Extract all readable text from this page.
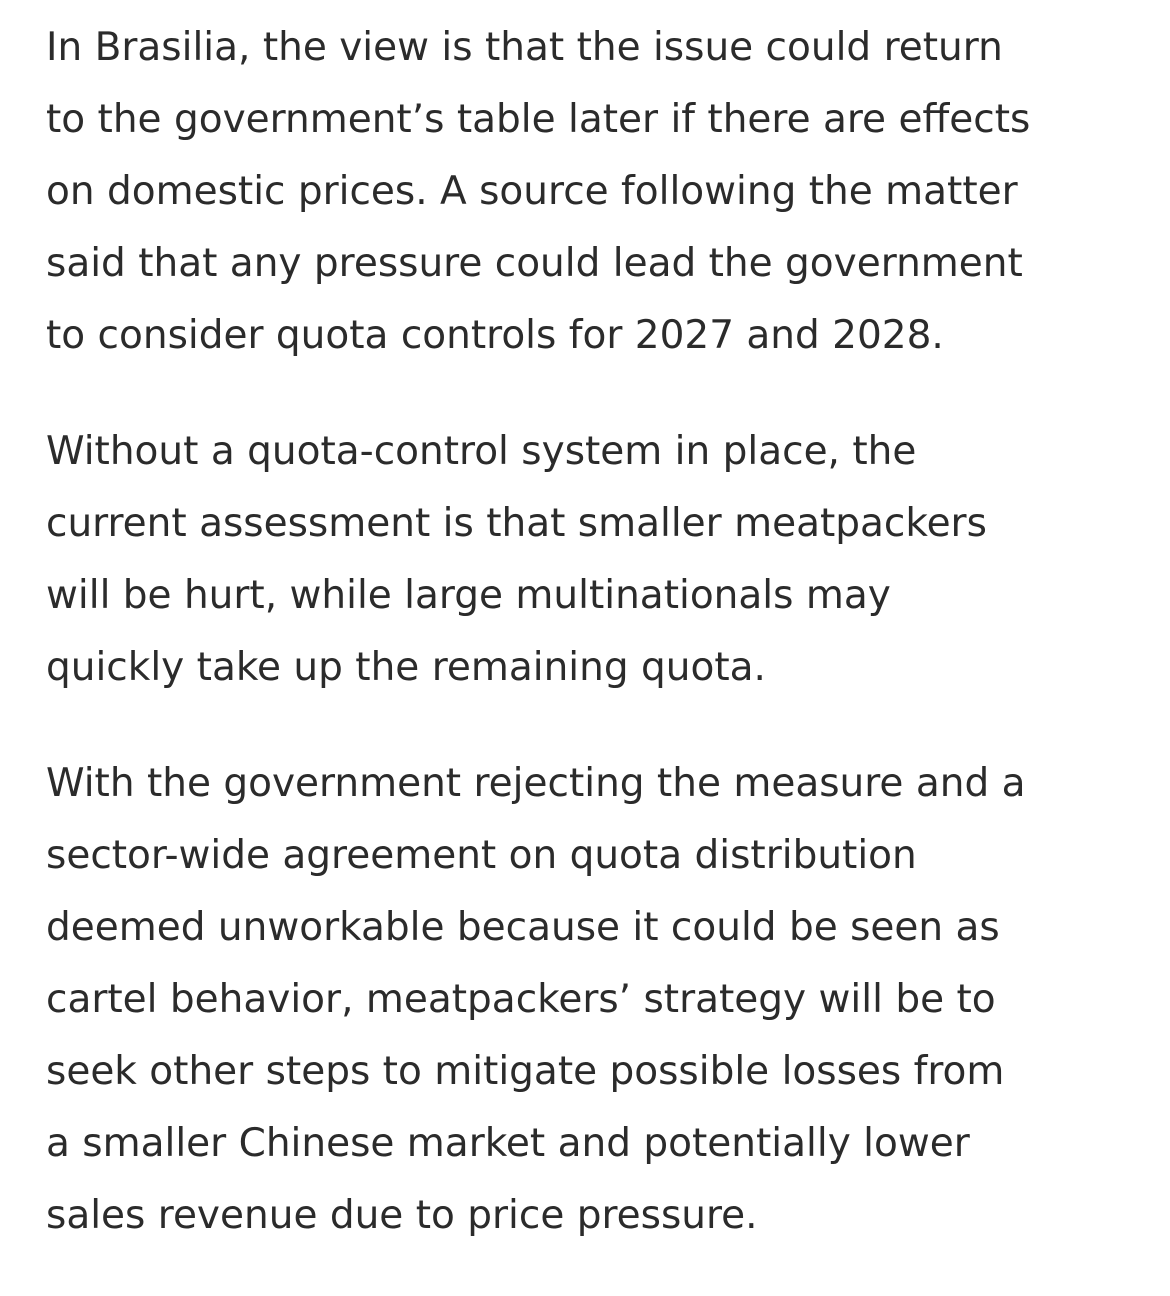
In Brasilia, the view is that the issue could return
to the government’s table later if there are effects
on domestic prices. A source following the matter
said that any pressure could lead the government
to consider quota controls for 2027 and 2028.

Without a quota-control system in place, the
current assessment is that smaller meatpackers
will be hurt, while large multinationals may
quickly take up the remaining quota.

With the government rejecting the measure and a
sector-wide agreement on quota distribution
deemed unworkable because it could be seen as
cartel behavior, meatpackers’ strategy will be to
seek other steps to mitigate possible losses from
a smaller Chinese market and potentially lower
sales revenue due to price pressure.
